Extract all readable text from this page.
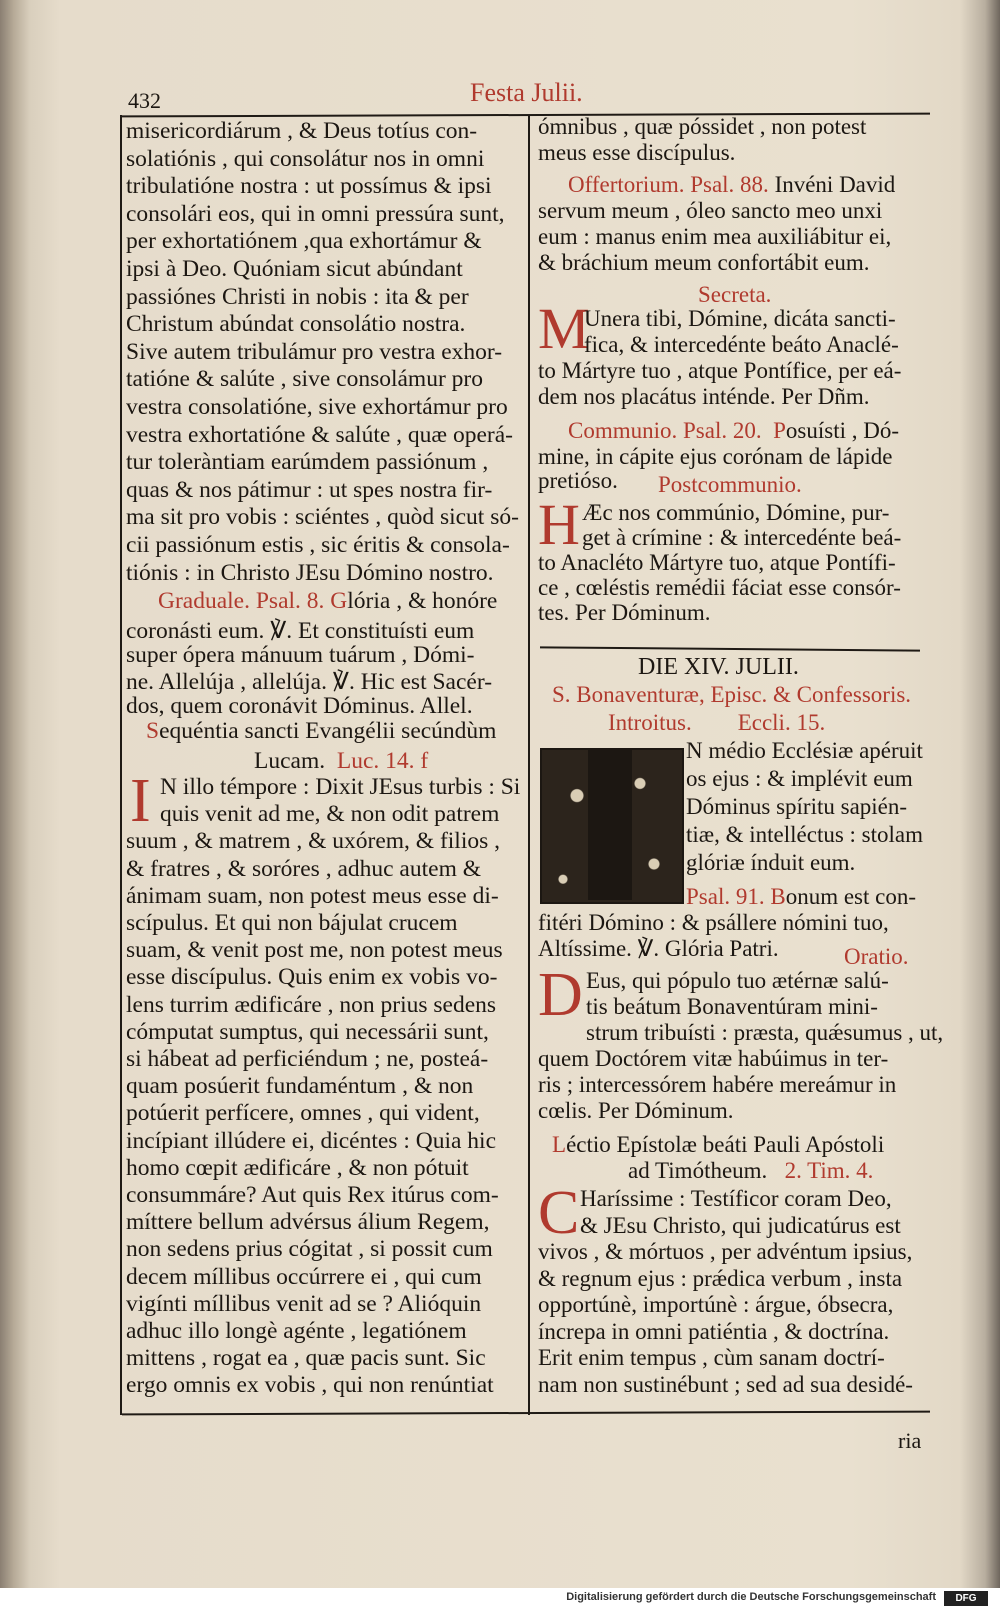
432	Festa Julii.
misericordiárum , & Deus totíus con-
solatiónis , qui consolátur nos in omni
tribulatióne nostra : ut possímus & ipsi
consolári eos, qui in omni pressúra sunt,
per exhortatiónem ,qua exhortámur &
ipsi à Deo. Quóniam sicut abúndant
passiónes Christi in nobis : ita & per
Christum abúndat consolátio nostra.
Sive autem tribulámur pro vestra exhor-
tatióne & salúte , sive consolámur pro
vestra consolatióne, sive exhortámur pro
vestra exhortatióne & salúte , quæ operá-
tur toleràntiam earúmdem passiónum ,
quas & nos pátimur : ut spes nostra fir-
ma sit pro vobis : sciéntes , quòd sicut só-
cii passiónum estis , sic éritis & consola-
tiónis : in Christo JEsu Dómino nostro.
Graduale. Psal. 8. Glória , & honóre
coronásti eum. ℣. Et constituísti eum
super ópera mánuum tuárum , Dómi-
ne. Allelúja , allelúja. ℣. Hic est Sacér-
dos, quem coronávit Dóminus. Allel.
Sequéntia sancti Evangélii secúndùm
Lucam. Luc. 14. f
I N illo témpore : Dixit JEsus turbis : Si
quis venit ad me, & non odit patrem
suum , & matrem , & uxórem, & filios ,
& fratres , & soróres , adhuc autem &
ánimam suam, non potest meus esse di-
scípulus. Et qui non bájulat crucem
suam, & venit post me, non potest meus
esse discípulus. Quis enim ex vobis vo-
lens turrim ædificáre , non prius sedens
cómputat sumptus, qui necessárii sunt,
si hábeat ad perficiéndum ; ne, posteá-
quam posúerit fundaméntum , & non
potúerit perfícere, omnes , qui vident,
incípiant illúdere ei, dicéntes : Quia hic
homo cœpit ædificáre , & non pótuit
consummáre? Aut quis Rex itúrus com-
míttere bellum advérsus álium Regem,
non sedens prius cógitat , si possit cum
decem míllibus occúrrere ei , qui cum
vigínti míllibus venit ad se ? Alióquin
adhuc illo longè agénte , legatiónem
mittens , rogat ea , quæ pacis sunt. Sic
ergo omnis ex vobis , qui non renúntiat
ómnibus , quæ póssidet , non potest
meus esse discípulus.
Offertorium. Psal. 88. Invéni David
servum meum , óleo sancto meo unxi
eum : manus enim mea auxiliábitur ei,
& bráchium meum confortábit eum.
Secreta.
M
Unera tibi, Dómine, dicáta sancti-
fica, & intercedénte beáto Anaclé-
to Mártyre tuo , atque Pontífice, per eá-
dem nos placátus inténde. Per Dñm.
Communio. Psal. 20. Posuísti , Dó-
mine, in cápite ejus corónam de lápide
pretióso. Postcommunio.
H Æc nos commúnio, Dómine, pur-
get à crímine : & intercedénte beá-
to Anacléto Mártyre tuo, atque Pontífi-
ce , cœléstis remédii fáciat esse consór-
tes. Per Dóminum.
DIE XIV. JULII.
S. Bonaventuræ, Episc. & Confessoris.
Introitus. Eccli. 15.
N médio Ecclésiæ apéruit
os ejus : & implévit eum
Dóminus spíritu sapién-
tiæ, & intelléctus : stolam
glóriæ índuit eum.
Psal. 91. Bonum est con-
fitéri Dómino : & psállere nómini tuo,
Altíssime. ℣. Glória Patri.	Oratio.
D Eus, qui pópulo tuo ætérnæ salú-
tis beátum Bonaventúram mini-
strum tribuísti : præsta, quǽsumus , ut,
quem Doctórem vitæ habúimus in ter-
ris ; intercessórem habére mereámur in
cœlis. Per Dóminum.
Léctio Epístolæ beáti Pauli Apóstoli
ad Timótheum. 2. Tim. 4.
C Haríssime : Testíficor coram Deo,
& JEsu Christo, qui judicatúrus est
vivos , & mórtuos , per advéntum ipsius,
& regnum ejus : prǽdica verbum , insta
opportúnè, importúnè : árgue, óbsecra,
íncrepa in omni patiéntia , & doctrína.
Erit enim tempus , cùm sanam doctrí-
nam non sustinébunt ; sed ad sua desidé-
ria
Digitalisierung gefördert durch die Deutsche Forschungsgemeinschaft	DFG
